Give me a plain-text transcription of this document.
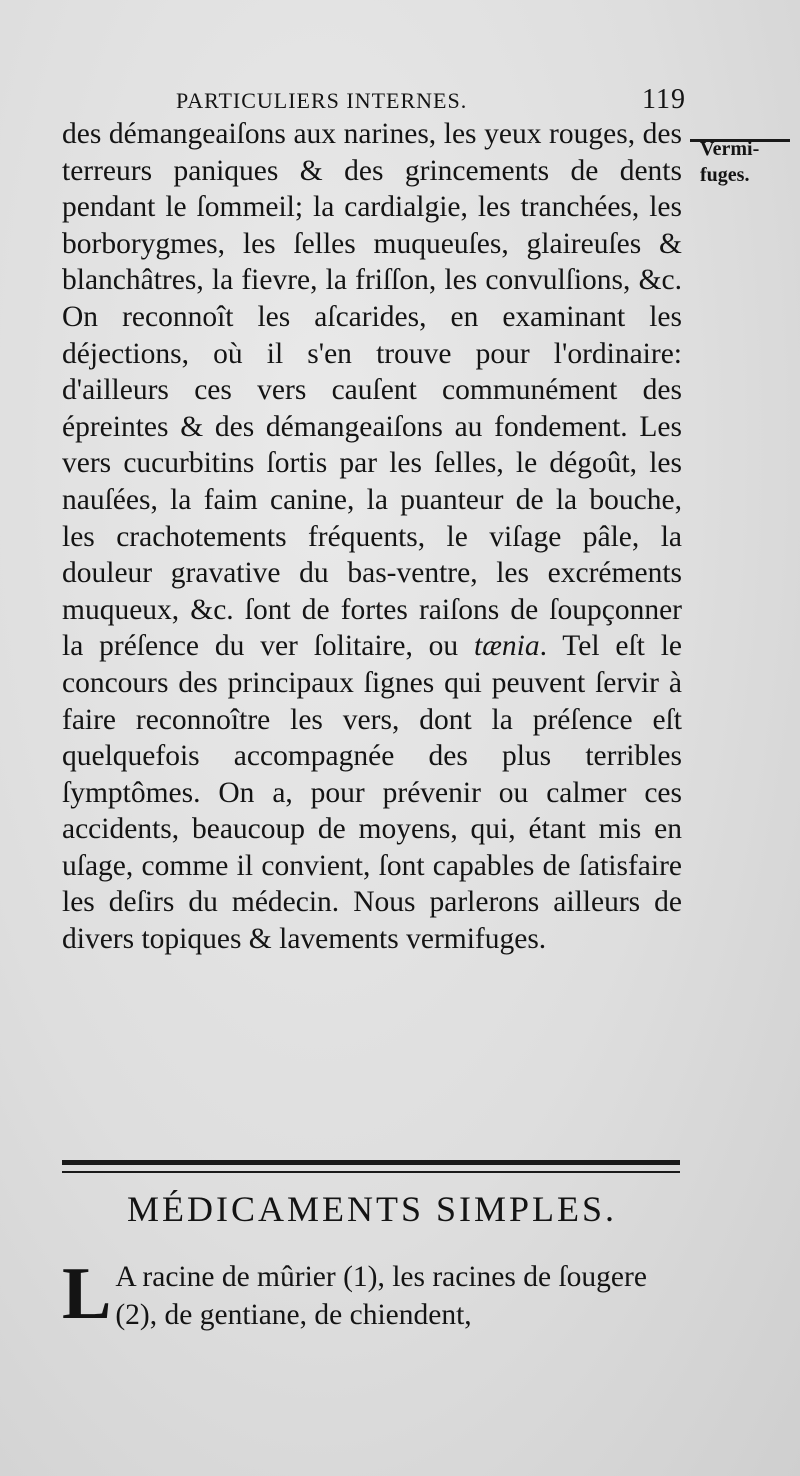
PARTICULIERS INTERNES.	119
Vermi-
fuges.
des démangeaiſons aux narines, les yeux rouges, des terreurs paniques & des grincements de dents pendant le ſommeil; la cardialgie, les tranchées, les borborygmes, les ſelles muqueuſes, glaireuſes & blanchâtres, la fievre, la friſſon, les convulſions, &c. On reconnoît les aſcarides, en examinant les déjections, où il s'en trouve pour l'ordinaire: d'ailleurs ces vers cauſent communément des épreintes & des démangeaiſons au fondement. Les vers cucurbitins ſortis par les ſelles, le dégoût, les nauſées, la faim canine, la puanteur de la bouche, les crachotements fréquents, le viſage pâle, la douleur gravative du bas-ventre, les excréments muqueux, &c. ſont de fortes raiſons de ſoupçonner la préſence du ver ſolitaire, ou tænia. Tel eſt le concours des principaux ſignes qui peuvent ſervir à faire reconnoître les vers, dont la préſence eſt quelquefois accompagnée des plus terribles ſymptômes. On a, pour prévenir ou calmer ces accidents, beaucoup de moyens, qui, étant mis en uſage, comme il convient, ſont capables de ſatisfaire les deſirs du médecin. Nous parlerons ailleurs de divers topiques & lavements vermifuges.
MÉDICAMENTS SIMPLES.
L A racine de mûrier (1), les racines de ſougere (2), de gentiane, de chiendent,
